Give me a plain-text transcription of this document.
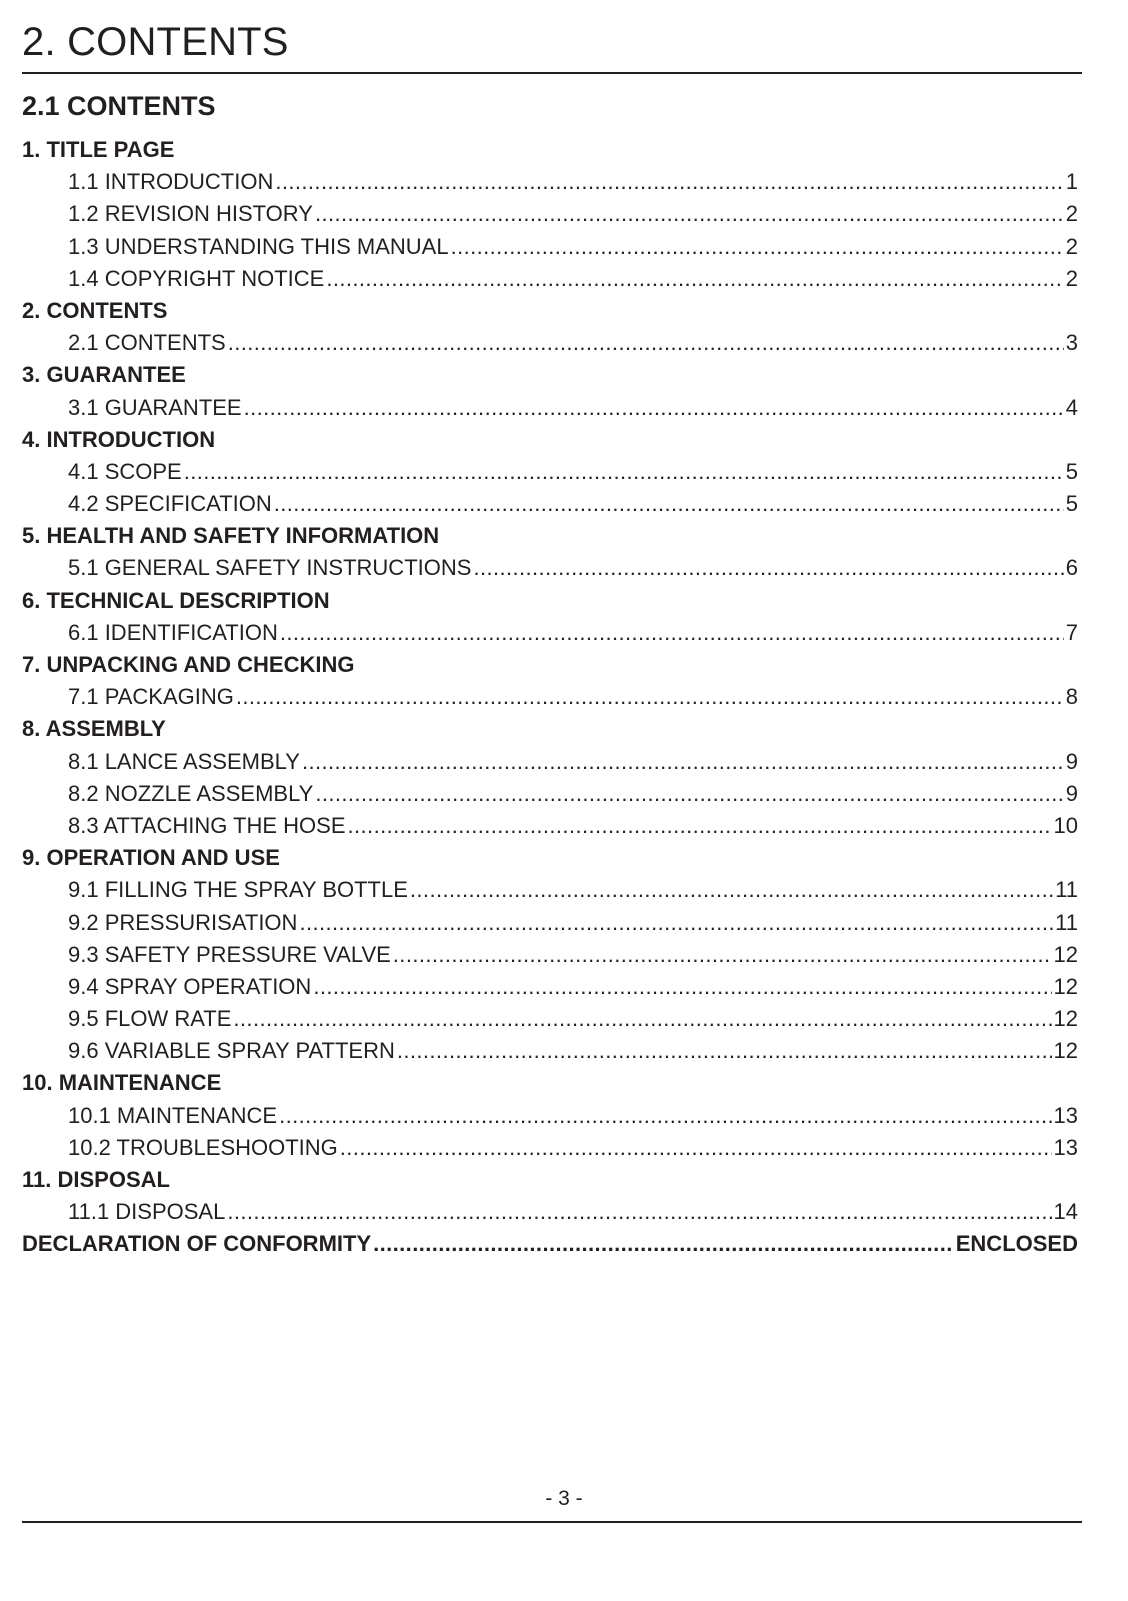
2. CONTENTS
2.1 CONTENTS
1. TITLE PAGE
1.1 INTRODUCTION .....	1
1.2 REVISION HISTORY .....	2
1.3 UNDERSTANDING THIS MANUAL .....	2
1.4 COPYRIGHT NOTICE .....	2
2. CONTENTS
2.1 CONTENTS .....	3
3. GUARANTEE
3.1 GUARANTEE .....	4
4. INTRODUCTION
4.1 SCOPE .....	5
4.2 SPECIFICATION .....	5
5. HEALTH AND SAFETY INFORMATION
5.1 GENERAL SAFETY INSTRUCTIONS .....	6
6. TECHNICAL DESCRIPTION
6.1 IDENTIFICATION .....	7
7. UNPACKING AND CHECKING
7.1 PACKAGING .....	8
8. ASSEMBLY
8.1 LANCE ASSEMBLY .....	9
8.2 NOZZLE ASSEMBLY .....	9
8.3 ATTACHING THE HOSE .....	10
9. OPERATION AND USE
9.1 FILLING THE SPRAY BOTTLE .....	11
9.2 PRESSURISATION .....	11
9.3 SAFETY PRESSURE VALVE .....	12
9.4 SPRAY OPERATION .....	12
9.5 FLOW RATE .....	12
9.6 VARIABLE SPRAY PATTERN .....	12
10. MAINTENANCE
10.1 MAINTENANCE .....	13
10.2 TROUBLESHOOTING .....	13
11. DISPOSAL
11.1 DISPOSAL .....	14
DECLARATION OF CONFORMITY .....	ENCLOSED
- 3 -
